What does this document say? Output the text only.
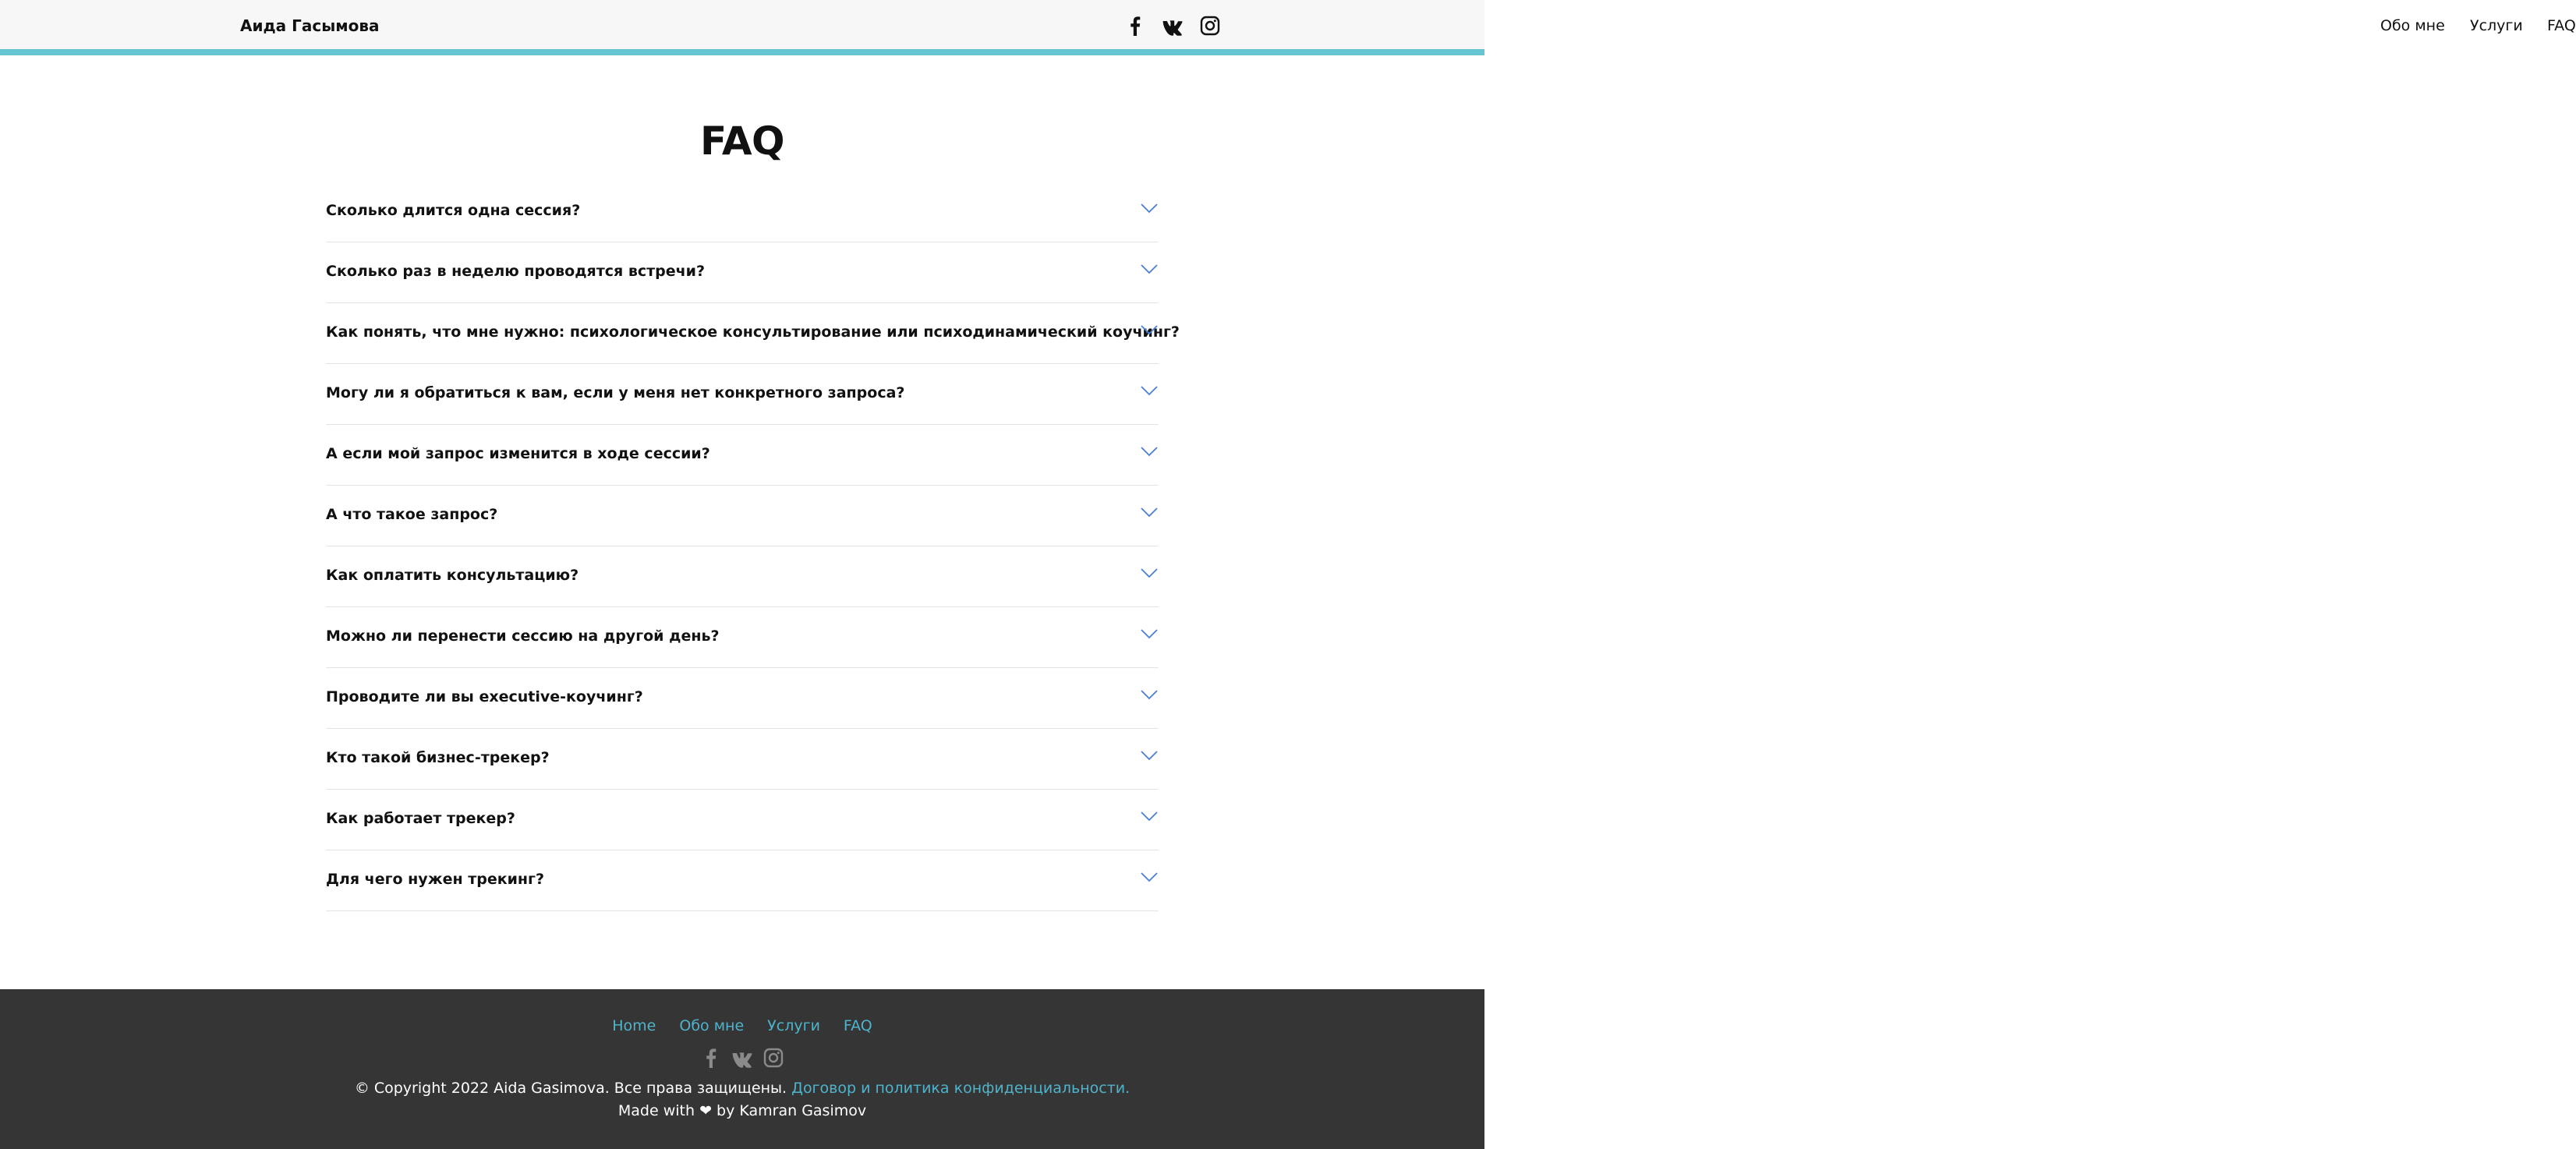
Аида Гасымова	Обо мне Услуги FAQ
FAQ
Сколько длится одна сессия?
Сколько раз в неделю проводятся встречи?
Как понять, что мне нужно: психологическое консультирование или психодинамический коучинг?
Могу ли я обратиться к вам, если у меня нет конкретного запроса?
А если мой запрос изменится в ходе сессии?
А что такое запрос?
Как оплатить консультацию?
Можно ли перенести сессию на другой день?
Проводите ли вы executive-коучинг?
Кто такой бизнес-трекер?
Как работает трекер?
Для чего нужен трекинг?
Home Обо мне Услуги FAQ

© Copyright 2022 Aida Gasimova. Все права защищены. Договор и политика конфиденциальности.
Made with ❤ by Kamran Gasimov
